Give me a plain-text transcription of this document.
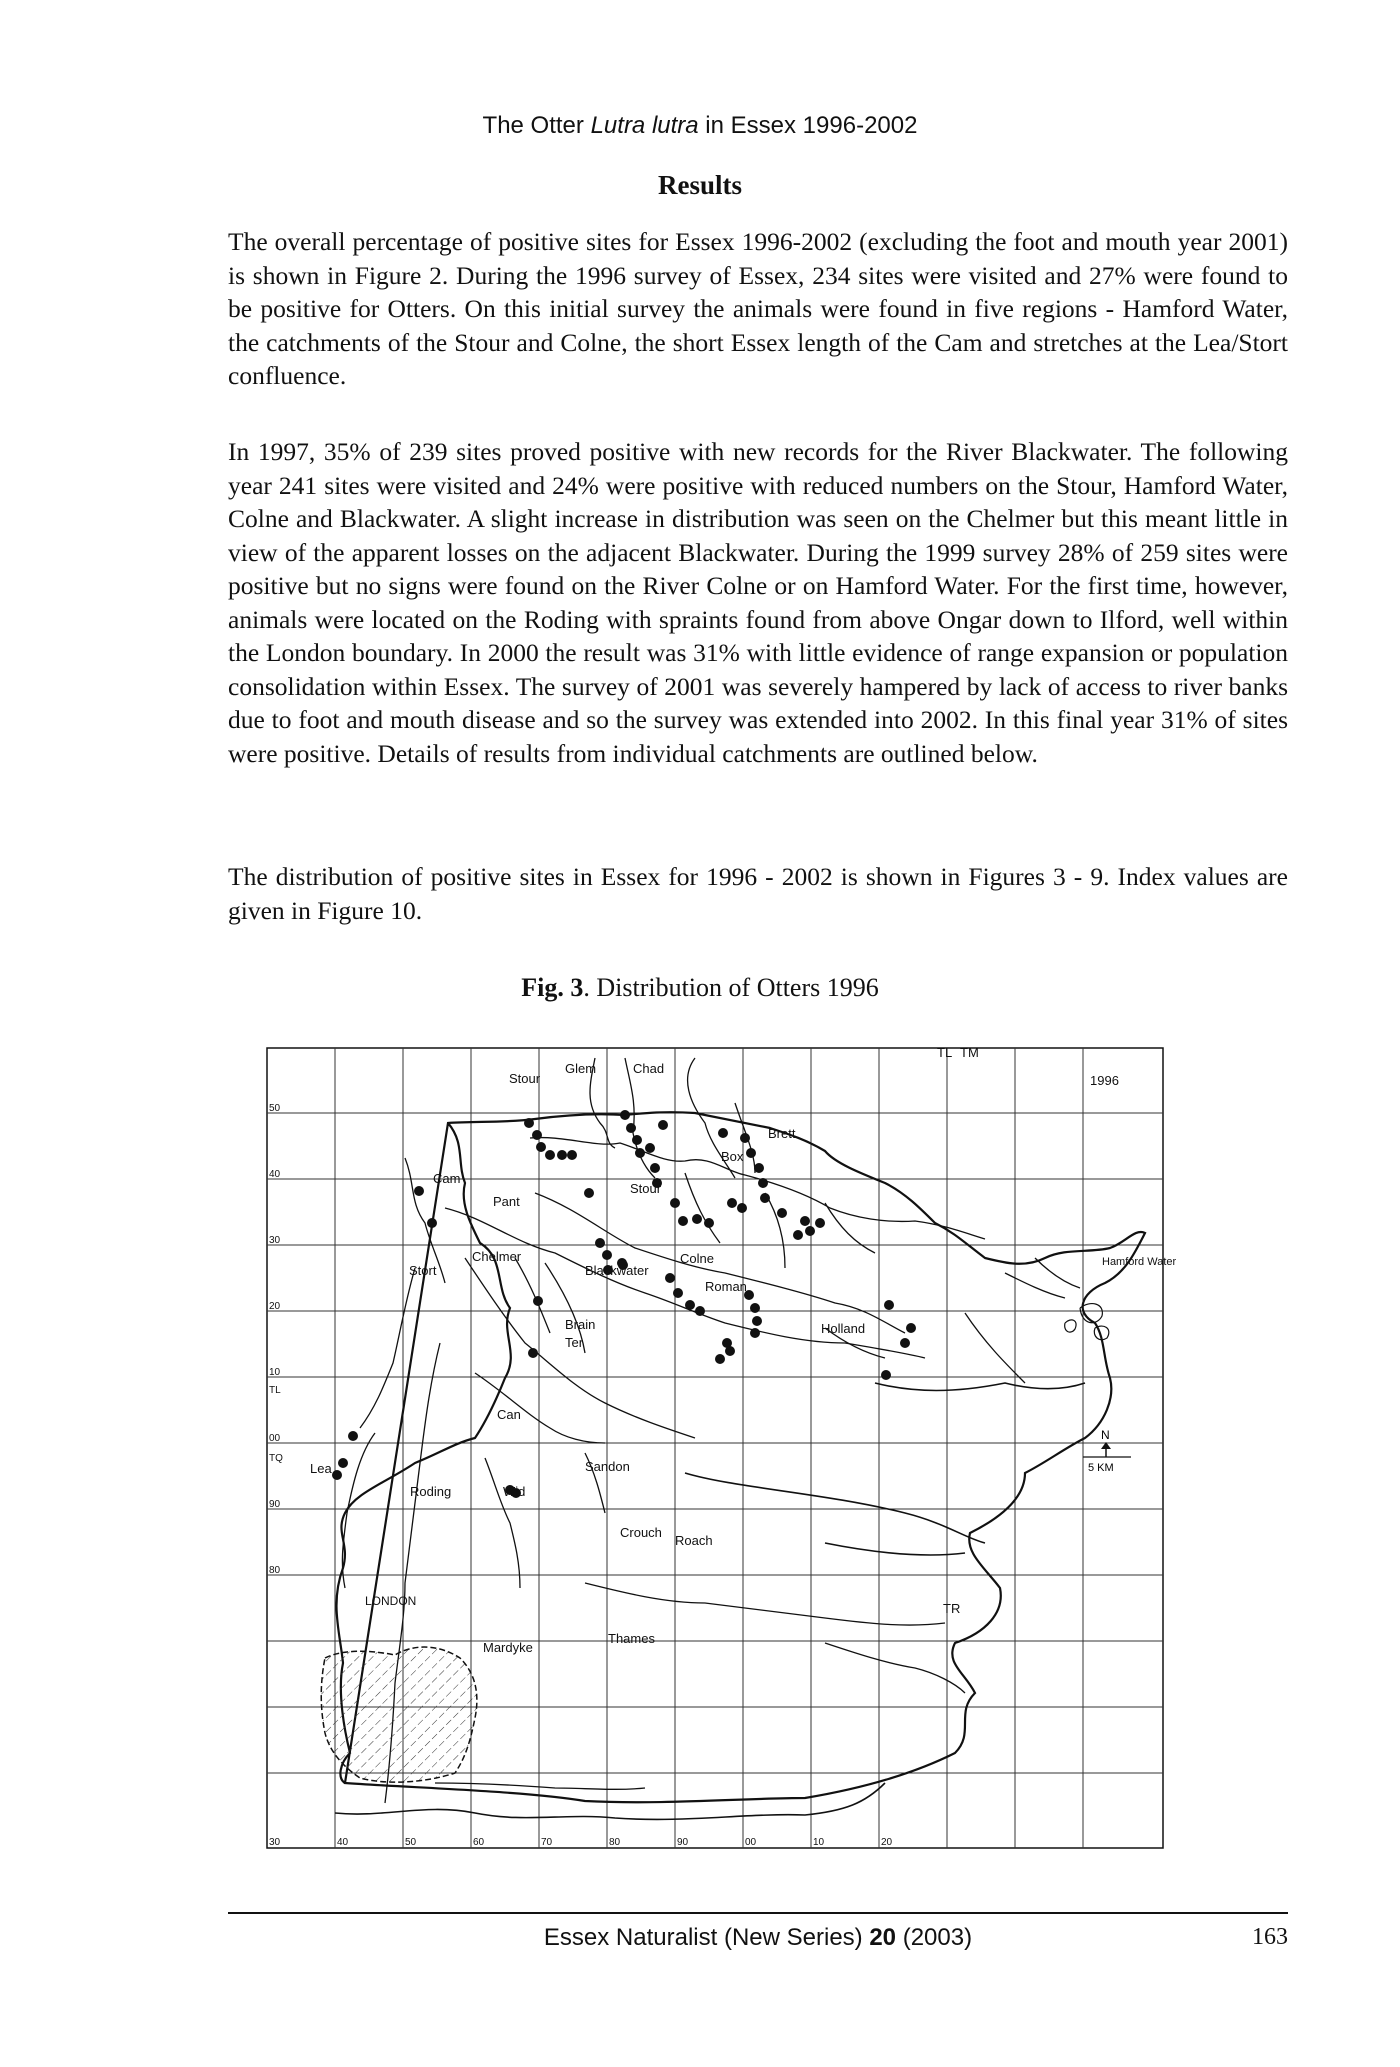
The Otter Lutra lutra in Essex 1996-2002
Results

The overall percentage of positive sites for Essex 1996-2002 (excluding the foot and mouth year 2001) is shown in Figure 2. During the 1996 survey of Essex, 234 sites were visited and 27% were found to be positive for Otters. On this initial survey the animals were found in five regions - Hamford Water, the catchments of the Stour and Colne, the short Essex length of the Cam and stretches at the Lea/Stort confluence.

In 1997, 35% of 239 sites proved positive with new records for the River Blackwater. The following year 241 sites were visited and 24% were positive with reduced numbers on the Stour, Hamford Water, Colne and Blackwater. A slight increase in distribution was seen on the Chelmer but this meant little in view of the apparent losses on the adjacent Blackwater. During the 1999 survey 28% of 259 sites were positive but no signs were found on the River Colne or on Hamford Water. For the first time, however, animals were located on the Roding with spraints found from above Ongar down to Ilford, well within the London boundary. In 2000 the result was 31% with little evidence of range expansion or population consolidation within Essex. The survey of 2001 was severely hampered by lack of access to river banks due to foot and mouth disease and so the survey was extended into 2002. In this final year 31% of sites were positive. Details of results from individual catchments are outlined below.

The distribution of positive sites in Essex for 1996 - 2002 is shown in Figures 3 - 9. Index values are given in Figure 10.

Fig. 3. Distribution of Otters 1996
TL TM
1996
Stour
Glem	Chad
Brett
Box
Stour
Cam
Pant
Chelmer	Colne
Blackwater
Roman
Hamford Water
Stort
Brain
Ter
Holland
Can
Sandon
Lea
Roding	Wid
Crouch
Roach
LONDON
Mardyke
Thames
TR
50
40
30
20
10
TL
00
TQ
90
80
30	40	50	60	70	80	90	00	10	20
N
5 KM
Essex Naturalist (New Series) 20 (2003)	163
